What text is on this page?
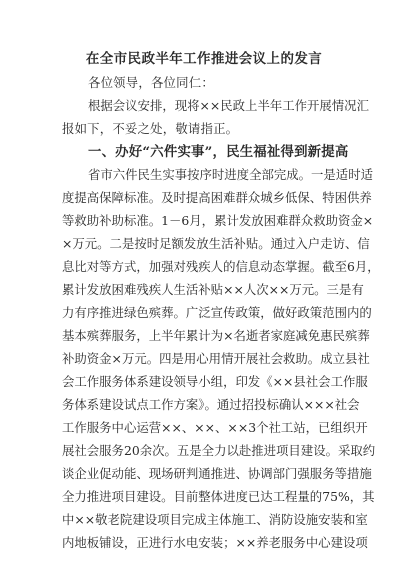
在全市民政半年工作推进会议上的发言
各位领导，各位同仁：
根据会议安排，现将××民政上半年工作开展情况汇
报如下，不妥之处，敬请指正。
一、办好“六件实事”，民生福祉得到新提高
省市六件民生实事按序时进度全部完成。一是适时适
度提高保障标准。及时提高困难群众城乡低保、特困供养
等救助补助标准。1－6月，累计发放困难群众救助资金×
×万元。二是按时足额发放生活补贴。通过入户走访、信
息比对等方式，加强对残疾人的信息动态掌握。截至6月，
累计发放困难残疾人生活补贴××人次××万元。三是有
力有序推进绿色殡葬。广泛宣传政策，做好政策范围内的
基本殡葬服务，上半年累计为×名逝者家庭减免惠民殡葬
补助资金×万元。四是用心用情开展社会救助。成立县社
会工作服务体系建设领导小组，印发《××县社会工作服
务体系建设试点工作方案》。通过招投标确认×××社会
工作服务中心运营××、××、××3个社工站，已组织开
展社会服务20余次。五是全力以赴推进项目建设。采取约
谈企业促动能、现场研判通推进、协调部门强服务等措施
全力推进项目建设。目前整体进度已达工程量的75%，其
中××敬老院建设项目完成主体施工、消防设施安装和室
内地板铺设，正进行水电安装；××养老服务中心建设项
